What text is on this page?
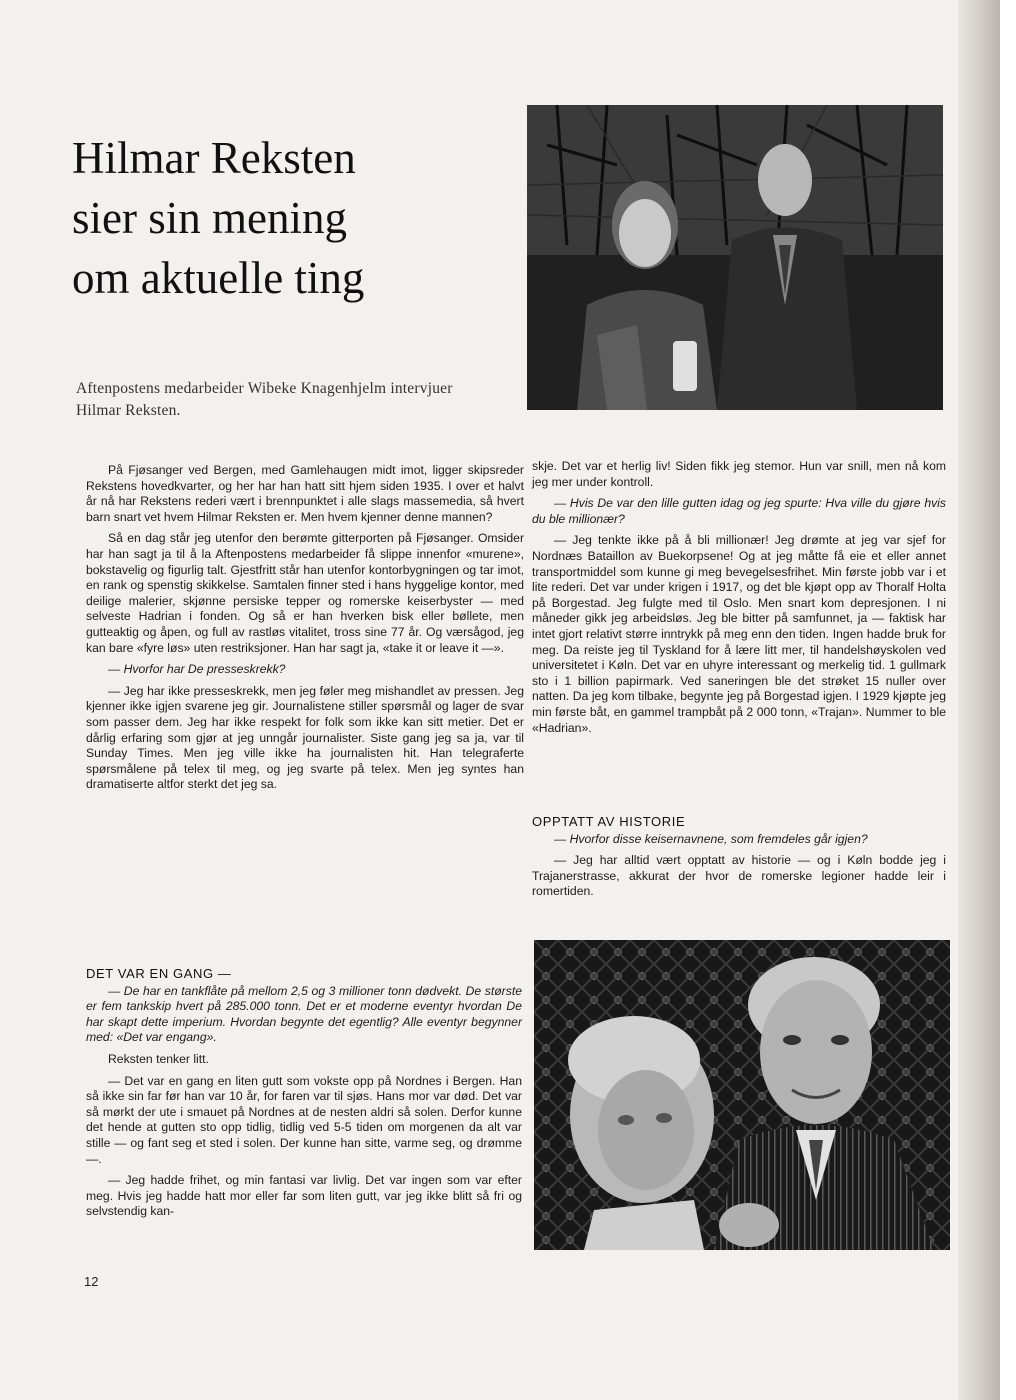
Hilmar Reksten
sier sin mening
om aktuelle ting

Aftenpostens medarbeider Wibeke Knagenhjelm intervjuer Hilmar Reksten.

På Fjøsanger ved Bergen, med Gamlehaugen midt imot, ligger skipsreder Rekstens hovedkvarter, og her har han hatt sitt hjem siden 1935. I over et halvt år nå har Rekstens rederi vært i brennpunktet i alle slags massemedia, så hvert barn snart vet hvem Hilmar Reksten er. Men hvem kjenner denne mannen?

Så en dag står jeg utenfor den berømte gitterporten på Fjøsanger. Omsider har han sagt ja til å la Aftenpostens medarbeider få slippe innenfor «murene», bokstavelig og figurlig talt. Gjestfritt står han utenfor kontorbygningen og tar imot, en rank og spenstig skikkelse. Samtalen finner sted i hans hyggelige kontor, med deilige malerier, skjønne persiske tepper og romerske keiserbyster — med selveste Hadrian i fonden. Og så er han hverken bisk eller bøllete, men gutteaktig og åpen, og full av rastløs vitalitet, tross sine 77 år. Og værsågod, jeg kan bare «fyre løs» uten restriksjoner. Han har sagt ja, «take it or leave it —».

— Hvorfor har De presseskrekk?

— Jeg har ikke presseskrekk, men jeg føler meg mishandlet av pressen. Jeg kjenner ikke igjen svarene jeg gir. Journalistene stiller spørsmål og lager de svar som passer dem. Jeg har ikke respekt for folk som ikke kan sitt metier. Det er dårlig erfaring som gjør at jeg unngår journalister. Siste gang jeg sa ja, var til Sunday Times. Men jeg ville ikke ha journalisten hit. Han telegraferte spørsmålene på telex til meg, og jeg svarte på telex. Men jeg syntes han dramatiserte altfor sterkt det jeg sa.

DET VAR EN GANG —

— De har en tankflåte på mellom 2,5 og 3 millioner tonn dødvekt. De største er fem tankskip hvert på 285.000 tonn. Det er et moderne eventyr hvordan De har skapt dette imperium. Hvordan begynte det egentlig? Alle eventyr begynner med: «Det var engang».

Reksten tenker litt.

— Det var en gang en liten gutt som vokste opp på Nordnes i Bergen. Han så ikke sin far før han var 10 år, for faren var til sjøs. Hans mor var død. Det var så mørkt der ute i smauet på Nordnes at de nesten aldri så solen. Derfor kunne det hende at gutten sto opp tidlig, tidlig ved 5-5 tiden om morgenen da alt var stille — og fant seg et sted i solen. Der kunne han sitte, varme seg, og drømme —.

— Jeg hadde frihet, og min fantasi var livlig. Det var ingen som var efter meg. Hvis jeg hadde hatt mor eller far som liten gutt, var jeg ikke blitt så fri og selvstendig kan-

skje. Det var et herlig liv! Siden fikk jeg stemor. Hun var snill, men nå kom jeg mer under kontroll.

— Hvis De var den lille gutten idag og jeg spurte: Hva ville du gjøre hvis du ble millionær?

— Jeg tenkte ikke på å bli millionær! Jeg drømte at jeg var sjef for Nordnæs Bataillon av Buekorpsene! Og at jeg måtte få eie et eller annet transportmiddel som kunne gi meg bevegelsesfrihet. Min første jobb var i et lite rederi. Det var under krigen i 1917, og det ble kjøpt opp av Thoralf Holta på Borgestad. Jeg fulgte med til Oslo. Men snart kom depresjonen. I ni måneder gikk jeg arbeidsløs. Jeg ble bitter på samfunnet, ja — faktisk har intet gjort relativt større inntrykk på meg enn den tiden. Ingen hadde bruk for meg. Da reiste jeg til Tyskland for å lære litt mer, til handelshøyskolen ved universitetet i Køln. Det var en uhyre interessant og merkelig tid. 1 gullmark sto i 1 billion papirmark. Ved saneringen ble det strøket 15 nuller over natten. Da jeg kom tilbake, begynte jeg på Borgestad igjen. I 1929 kjøpte jeg min første båt, en gammel trampbåt på 2 000 tonn, «Trajan». Nummer to ble «Hadrian».

OPPTATT AV HISTORIE

— Hvorfor disse keisernavnene, som fremdeles går igjen?

— Jeg har alltid vært opptatt av historie — og i Køln bodde jeg i Trajanerstrasse, akkurat der hvor de romerske legioner hadde leir i romertiden.

12
